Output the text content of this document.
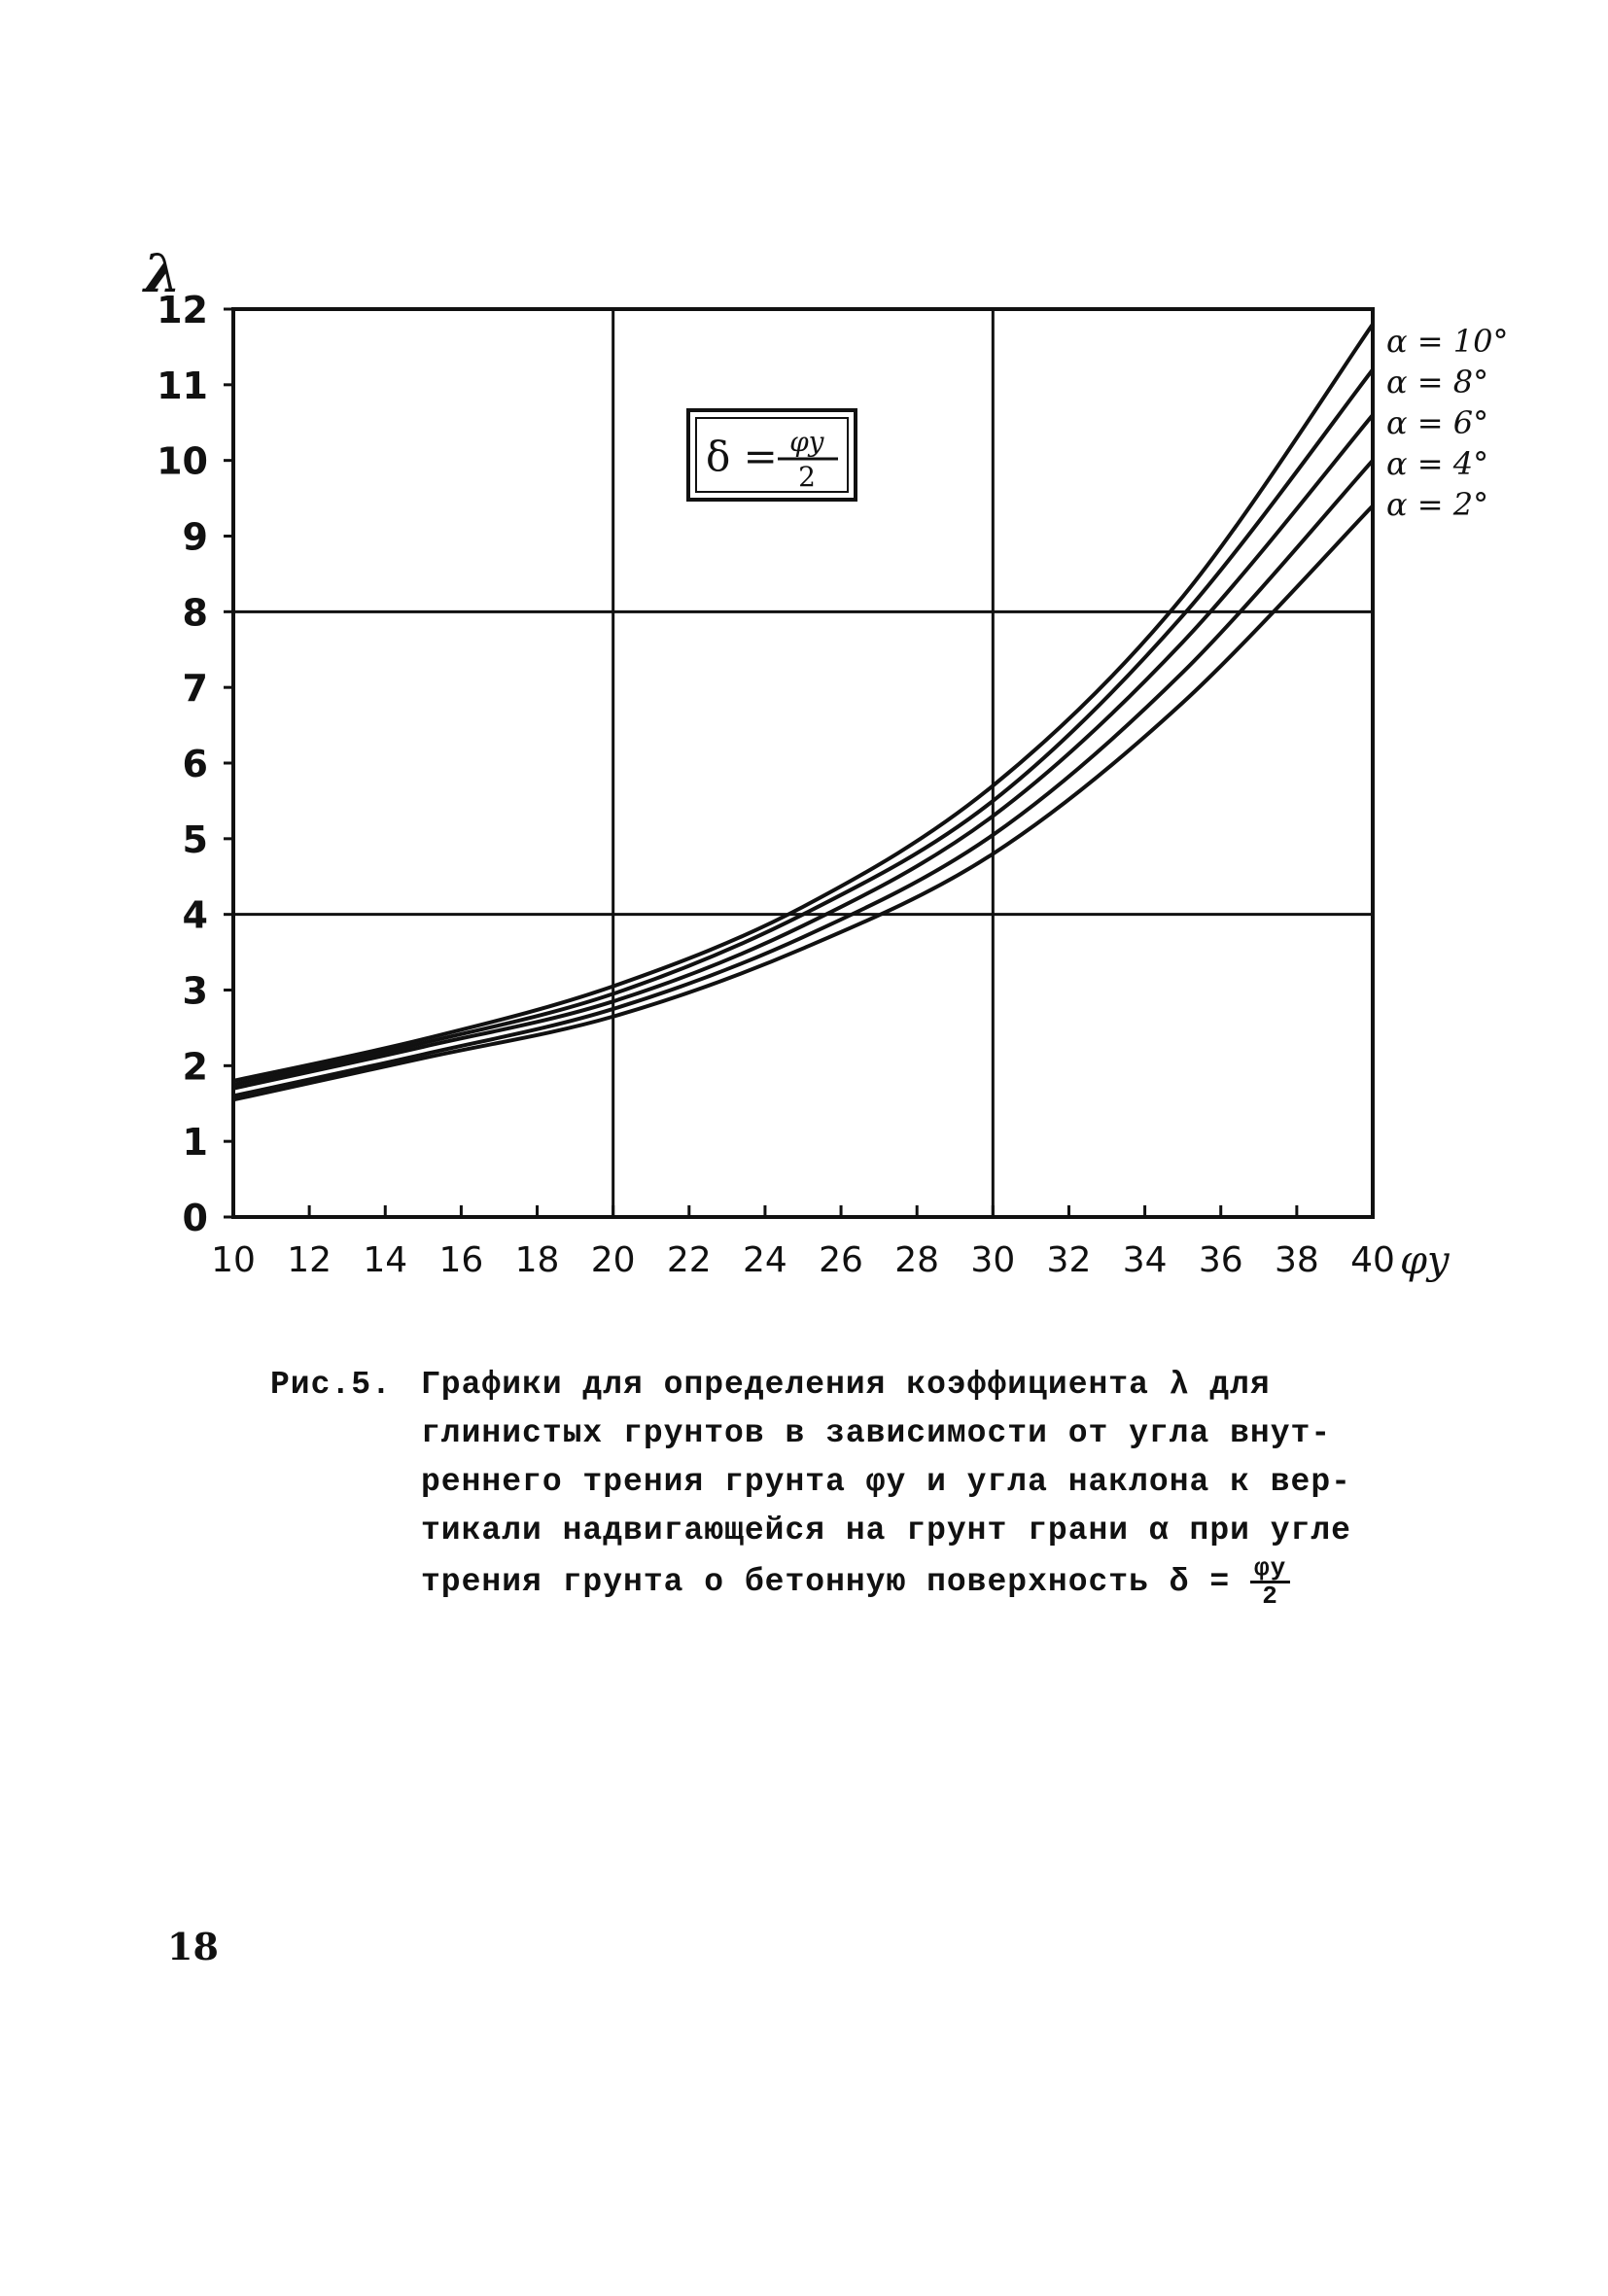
0
1
2
3
4
5
6
7
8
9
10
11
12
10 12 14 16 18 20 22 24 26 28 30 32 34 36 38 40
α = 10°
α = 8°
α = 6°
α = 4°
α = 2°
λ
φу
δ = φу
2
Рис.5. Графики для определения коэффициента λ для
глинистых грунтов в зависимости от угла внут-
реннего трения грунта φу и угла наклона к вер-
тикали надвигающейся на грунт грани α при угле
трения грунта о бетонную поверхность $\delta = \frac{\varphi у}{2}$
18
